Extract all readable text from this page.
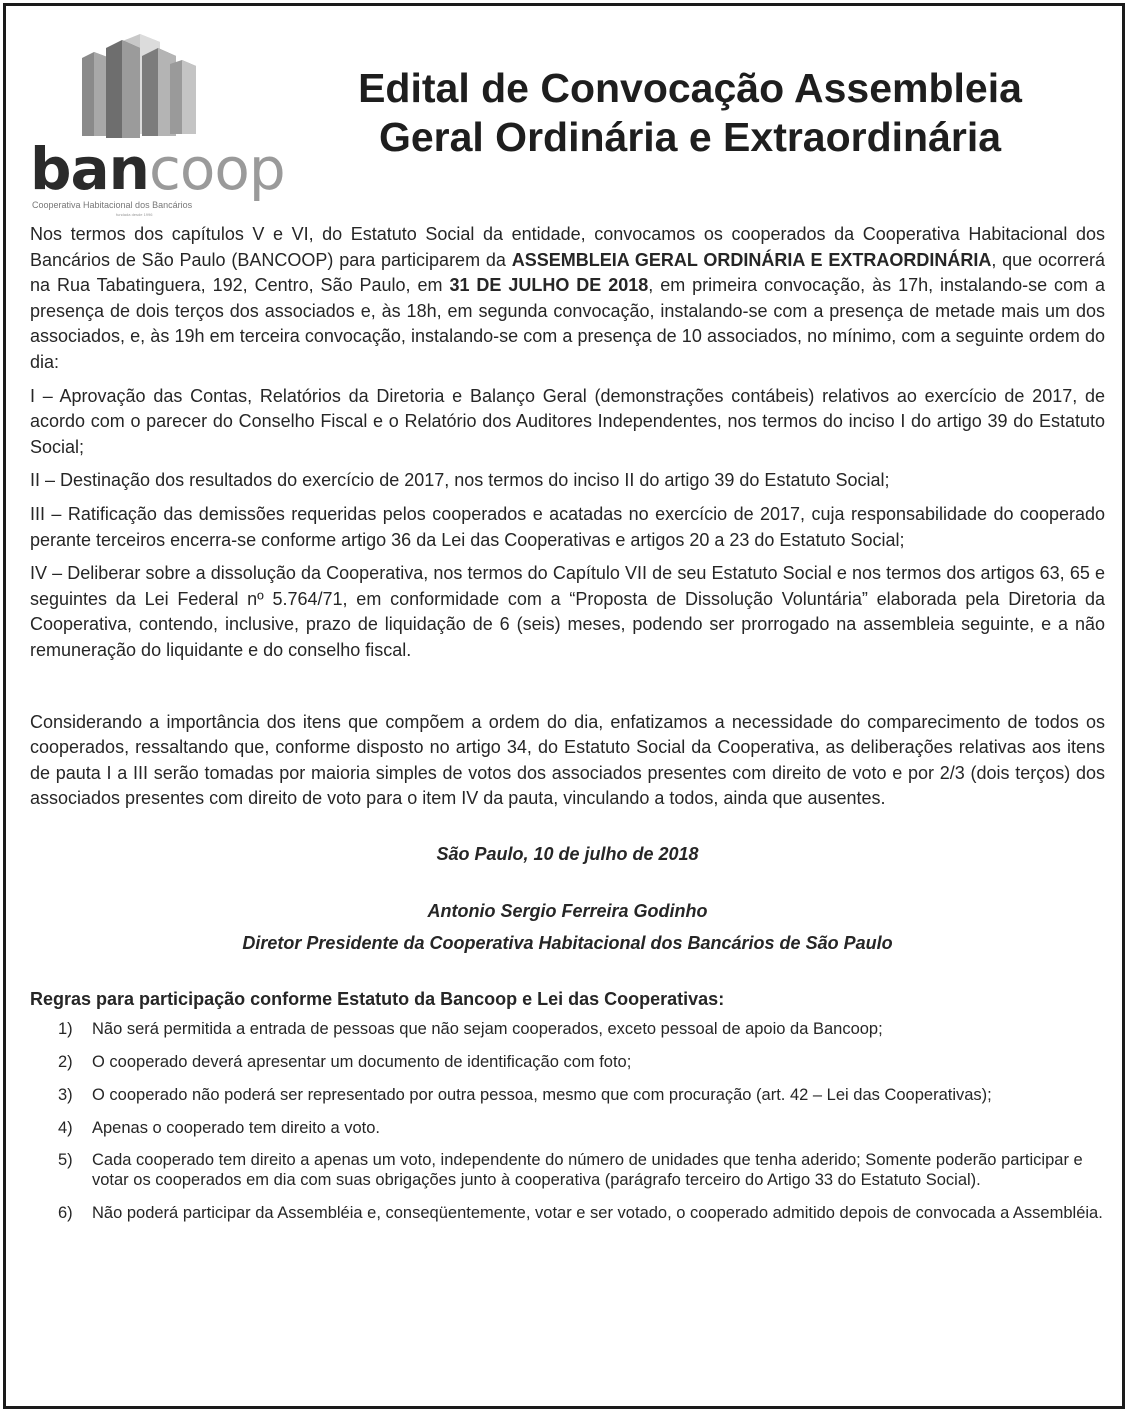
bancoop
Cooperativa Habitacional dos Bancários
fundada desde 1996
Edital de Convocação Assembleia
Geral Ordinária e Extraordinária

Nos termos dos capítulos V e VI, do Estatuto Social da entidade, convocamos os cooperados da Cooperativa Habitacional dos Bancários de São Paulo (BANCOOP) para participarem da ASSEMBLEIA GERAL ORDINÁRIA E EXTRAORDINÁRIA, que ocorrerá na Rua Tabatinguera, 192, Centro, São Paulo, em 31 DE JULHO DE 2018, em primeira convocação, às 17h, instalando-se com a presença de dois terços dos associados e, às 18h, em segunda convocação, instalando-se com a presença de metade mais um dos associados, e, às 19h em terceira convocação, instalando-se com a presença de 10 associados, no mínimo, com a seguinte ordem do dia:

I – Aprovação das Contas, Relatórios da Diretoria e Balanço Geral (demonstrações contábeis) relativos ao exercício de 2017, de acordo com o parecer do Conselho Fiscal e o Relatório dos Auditores Independentes, nos termos do inciso I do artigo 39 do Estatuto Social;

II – Destinação dos resultados do exercício de 2017, nos termos do inciso II do artigo 39 do Estatuto Social;

III – Ratificação das demissões requeridas pelos cooperados e acatadas no exercício de 2017, cuja responsabilidade do cooperado perante terceiros encerra-se conforme artigo 36 da Lei das Cooperativas e artigos 20 a 23 do Estatuto Social;

IV – Deliberar sobre a dissolução da Cooperativa, nos termos do Capítulo VII de seu Estatuto Social e nos termos dos artigos 63, 65 e seguintes da Lei Federal nº 5.764/71, em conformidade com a “Proposta de Dissolução Voluntária” elaborada pela Diretoria da Cooperativa, contendo, inclusive, prazo de liquidação de 6 (seis) meses, podendo ser prorrogado na assembleia seguinte, e a não remuneração do liquidante e do conselho fiscal.

Considerando a importância dos itens que compõem a ordem do dia, enfatizamos a necessidade do comparecimento de todos os cooperados, ressaltando que, conforme disposto no artigo 34, do Estatuto Social da Cooperativa, as deliberações relativas aos itens de pauta I a III serão tomadas por maioria simples de votos dos associados presentes com direito de voto e por 2/3 (dois terços) dos associados presentes com direito de voto para o item IV da pauta, vinculando a todos, ainda que ausentes.

São Paulo, 10 de julho de 2018

Antonio Sergio Ferreira Godinho

Diretor Presidente da Cooperativa Habitacional dos Bancários de São Paulo

Regras para participação conforme Estatuto da Bancoop e Lei das Cooperativas:

1)	Não será permitida a entrada de pessoas que não sejam cooperados, exceto pessoal de apoio da Bancoop;
2)	O cooperado deverá apresentar um documento de identificação com foto;
3)	O cooperado não poderá ser representado por outra pessoa, mesmo que com procuração (art. 42 – Lei das Cooperativas);
4)	Apenas o cooperado tem direito a voto.
5)	Cada cooperado tem direito a apenas um voto, independente do número de unidades que tenha aderido; Somente poderão participar e votar os cooperados em dia com suas obrigações junto à cooperativa (parágrafo terceiro do Artigo 33 do Estatuto Social).
6)	Não poderá participar da Assembléia e, conseqüentemente, votar e ser votado, o cooperado admitido depois de convocada a Assembléia.
